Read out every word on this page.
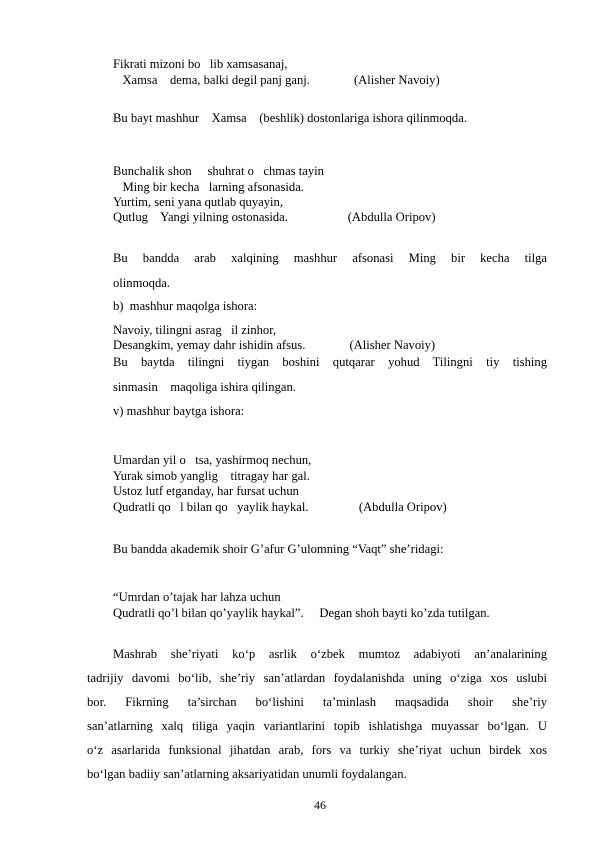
Fikrati mizoni bo   lib xamsasanaj,
Xamsa    dema, balki degil panj ganj.              (Alisher Navoiy)
Bu bayt mashhur    Xamsa    (beshlik) dostonlariga ishora qilinmoqda.
Bunchalik shon     shuhrat o   chmas tayin
Ming bir kecha   larning afsonasida.
Yurtim, seni yana qutlab quyayin,
Qutlug    Yangi yilning ostonasida.                   (Abdulla Oripov)
Bu bandda arab xalqining mashhur afsonasi Ming bir kecha tilga
olinmoqda.
b)  mashhur maqolga ishora:
Navoiy, tilingni asrag   il zinhor,
Desangkim, yemay dahr ishidin afsus.              (Alisher Navoiy)
Bu baytda tilingni tiygan boshini qutqarar yohud Tilingni tiy tishing
sinmasin    maqoliga ishira qilingan.
v) mashhur baytga ishora:
Umardan yil o   tsa, yashirmoq nechun,
Yurak simob yanglig    titragay har gal.
Ustoz lutf etganday, har fursat uchun
Qudratli qo   l bilan qo   yaylik haykal.                (Abdulla Oripov)
Bu bandda akademik shoir G’afur G’ulomning “Vaqt” she’ridagi:
“Umrdan o’tajak har lahza uchun
Qudratli qo’l bilan qo’yaylik haykal”.     Degan shoh bayti ko’zda tutilgan.
Mashrab she’riyati ko‘p asrlik o‘zbek mumtoz adabiyoti an’analarining
tadrijiy davomi bo‘lib, she’riy san’atlardan foydalanishda uning o‘ziga xos uslubi
bor. Fikrning ta’sirchan bo‘lishini ta’minlash maqsadida shoir she’riy
san’atlarning xalq tiliga yaqin variantlarini topib ishlatishga muyassar bo‘lgan. U
o‘z asarlarida funksional jihatdan arab, fors va turkiy she’riyat uchun birdek xos
bo‘lgan badiiy san’atlarning aksariyatidan unumli foydalangan.
46
